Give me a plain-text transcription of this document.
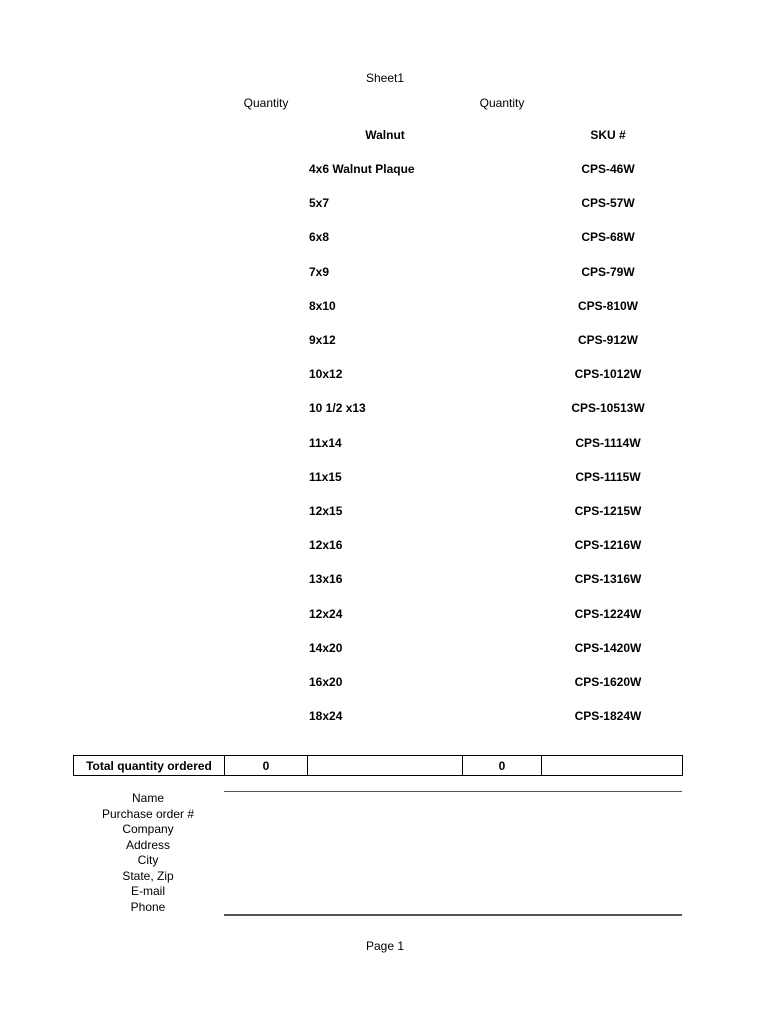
Sheet1
Quantity	Quantity
Walnut	SKU #
4x6 Walnut Plaque	CPS-46W
5x7	CPS-57W
6x8	CPS-68W
7x9	CPS-79W
8x10	CPS-810W
9x12	CPS-912W
10x12	CPS-1012W
10 1/2 x13	CPS-10513W
11x14	CPS-1114W
11x15	CPS-1115W
12x15	CPS-1215W
12x16	CPS-1216W
13x16	CPS-1316W
12x24	CPS-1224W
14x20	CPS-1420W
16x20	CPS-1620W
18x24	CPS-1824W
Total quantity ordered	0		0	
Name
Purchase order #
Company
Address
City
State, Zip
E-mail
Phone
Page 1
